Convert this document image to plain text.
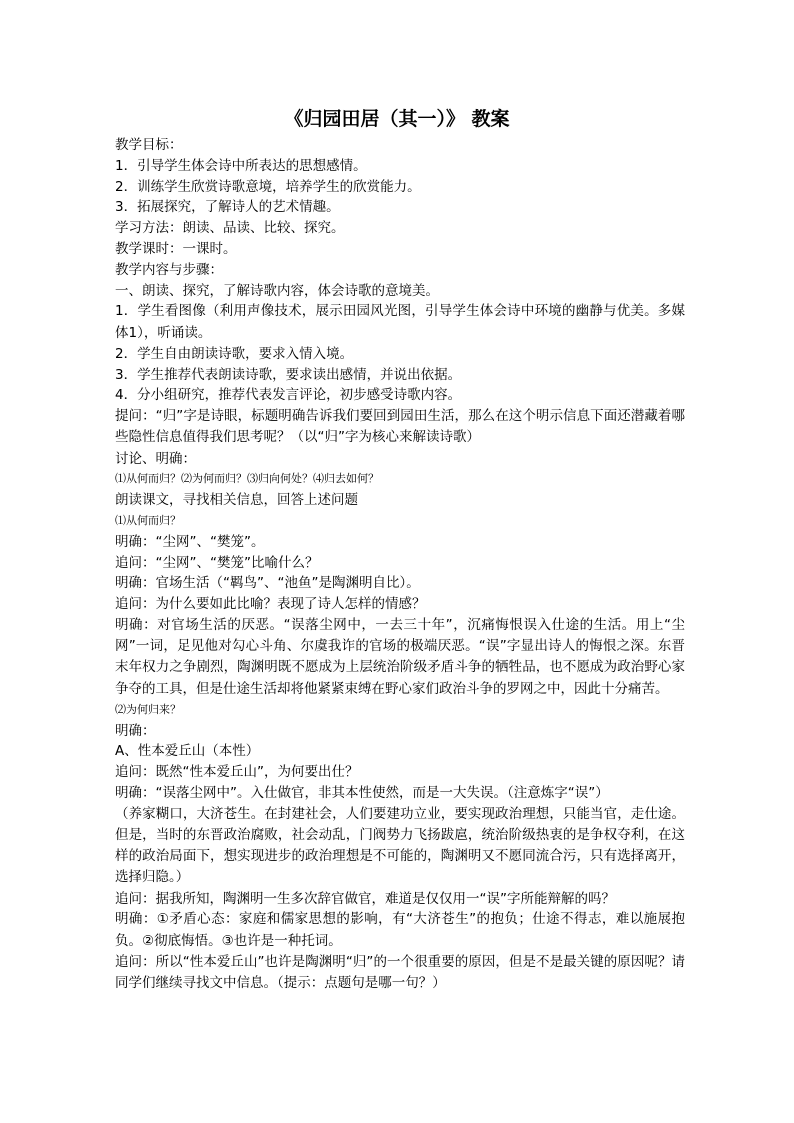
《归园田居（其一）》 教案
教学目标：
1．引导学生体会诗中所表达的思想感情。
2．训练学生欣赏诗歌意境，培养学生的欣赏能力。
3．拓展探究，了解诗人的艺术情趣。
学习方法：朗读、品读、比较、探究。
教学课时：一课时。
教学内容与步骤：
一、朗读、探究，了解诗歌内容，体会诗歌的意境美。
1．学生看图像（利用声像技术，展示田园风光图，引导学生体会诗中环境的幽静与优美。多媒体1），听诵读。
2．学生自由朗读诗歌，要求入情入境。
3．学生推荐代表朗读诗歌，要求读出感情，并说出依据。
4．分小组研究，推荐代表发言评论，初步感受诗歌内容。
提问：“归”字是诗眼，标题明确告诉我们要回到园田生活，那么在这个明示信息下面还潜藏着哪些隐性信息值得我们思考呢？（以“归”字为核心来解读诗歌）
讨论、明确：
⑴从何而归？⑵为何而归？⑶归向何处？⑷归去如何？
朗读课文，寻找相关信息，回答上述问题
⑴从何而归？
明确：“尘网”、“樊笼”。
追问：“尘网”、“樊笼”比喻什么？
明确：官场生活（“羁鸟”、“池鱼”是陶渊明自比）。
追问：为什么要如此比喻？表现了诗人怎样的情感？
明确：对官场生活的厌恶。“误落尘网中，一去三十年”，沉痛悔恨误入仕途的生活。用上“尘网”一词，足见他对勾心斗角、尔虞我诈的官场的极端厌恶。“误”字显出诗人的悔恨之深。东晋末年权力之争剧烈，陶渊明既不愿成为上层统治阶级矛盾斗争的牺牲品，也不愿成为政治野心家争夺的工具，但是仕途生活却将他紧紧束缚在野心家们政治斗争的罗网之中，因此十分痛苦。
⑵为何归来？
明确：
A、性本爱丘山（本性）
追问：既然“性本爱丘山”，为何要出仕？
明确：“误落尘网中”。入仕做官，非其本性使然，而是一大失误。（注意炼字“误”）
（养家糊口，大济苍生。在封建社会，人们要建功立业，要实现政治理想，只能当官，走仕途。但是，当时的东晋政治腐败，社会动乱，门阀势力飞扬跋扈，统治阶级热衷的是争权夺利，在这样的政治局面下，想实现进步的政治理想是不可能的，陶渊明又不愿同流合污，只有选择离开，选择归隐。）
追问：据我所知，陶渊明一生多次辞官做官，难道是仅仅用一“误”字所能辩解的吗？
明确：①矛盾心态：家庭和儒家思想的影响，有“大济苍生”的抱负；仕途不得志，难以施展抱负。②彻底悔悟。③也许是一种托词。
追问：所以“性本爱丘山”也许是陶渊明“归”的一个很重要的原因，但是不是最关键的原因呢？请同学们继续寻找文中信息。（提示：点题句是哪一句？）
